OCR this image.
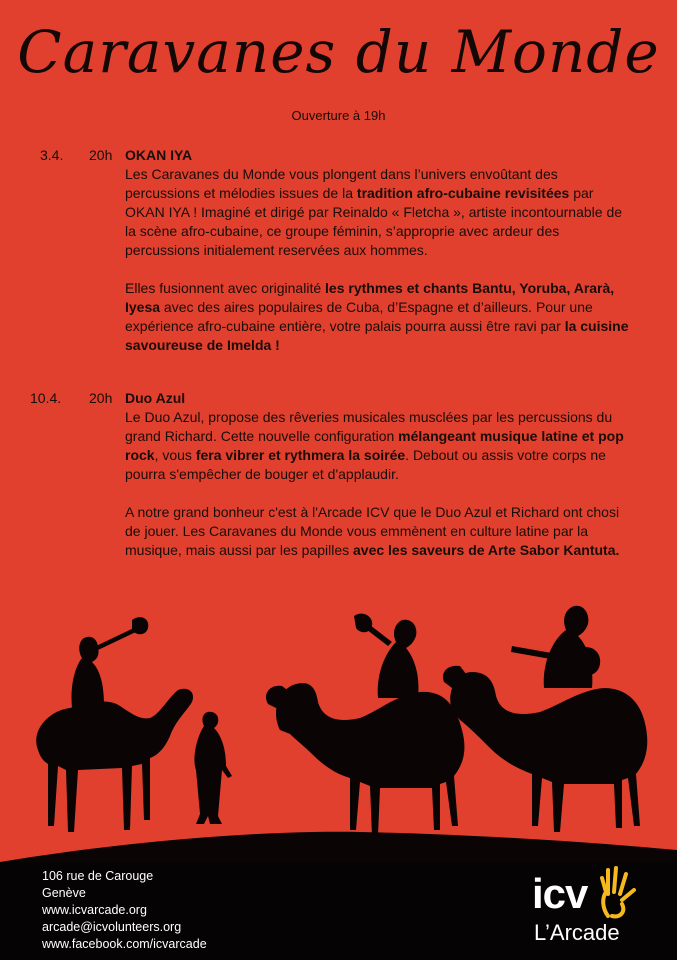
Caravanes du Monde
Ouverture à 19h
3.4. 20h OKAN IYA

Les Caravanes du Monde vous plongent dans l’univers envoûtant des percussions et mélodies issues de la tradition afro-cubaine revisitées par OKAN IYA ! Imaginé et dirigé par Reinaldo « Fletcha », artiste incontournable de la scène afro-cubaine, ce groupe féminin, s’approprie avec ardeur des percussions initialement reservées aux hommes.

Elles fusionnent avec originalité les rythmes et chants Bantu, Yoruba, Ararà, Iyesa avec des aires populaires de Cuba, d’Espagne et d’ailleurs. Pour une expérience afro-cubaine entière, votre palais pourra aussi être ravi par la cuisine savoureuse de Imelda !

10.4. 20h Duo Azul

Le Duo Azul, propose des rêveries musicales musclées par les percussions du grand Richard. Cette nouvelle configuration mélangeant musique latine et pop rock, vous fera vibrer et rythmera la soirée. Debout ou assis votre corps ne pourra s'empêcher de bouger et d'applaudir.

A notre grand bonheur c'est à l'Arcade ICV que le Duo Azul et Richard ont chosi de jouer. Les Caravanes du Monde vous emmènent en culture latine par la musique, mais aussi par les papilles avec les saveurs de Arte Sabor Kantuta.

106 rue de Carouge
Genève
www.icvarcade.org
arcade@icvolunteers.org
www.facebook.com/icvarcade
icv
L’Arcade
